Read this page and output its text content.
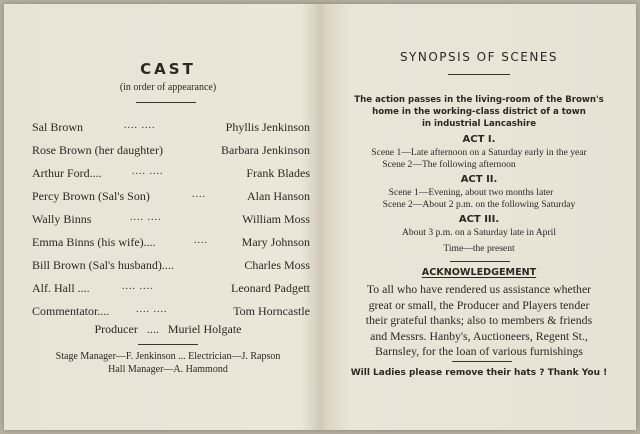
CAST
(in order of appearance)
Sal Brown	.... ....	Phyllis Jenkinson
Rose Brown (her daughter)	Barbara Jenkinson
Arthur Ford....	.... ....	Frank Blades
Percy Brown (Sal's Son)	....	Alan Hanson
Wally Binns	.... ....	William Moss
Emma Binns (his wife)....	....	Mary Johnson
Bill Brown (Sal's husband)....	Charles Moss
Alf. Hall ....	.... ....	Leonard Padgett
Commentator....	.... ....	Tom Horncastle
Producer .... Muriel Holgate
Stage Manager—F. Jenkinson ... Electrician—J. Rapson
Hall Manager—A. Hammond
SYNOPSIS OF SCENES
The action passes in the living-room of the Brown's
home in the working-class district of a town
in industrial Lancashire
ACT I.
Scene 1—Late afternoon on a Saturday early in the year
Scene 2—The following afternoon
ACT II.
Scene 1—Evening, about two months later
Scene 2—About 2 p.m. on the following Saturday
ACT III.
About 3 p.m. on a Saturday late in April
Time—the present
ACKNOWLEDGEMENT
To all who have rendered us assistance whether
great or small, the Producer and Players tender
their grateful thanks; also to members & friends
and Messrs. Hanby's, Auctioneers, Regent St.,
Barnsley, for the loan of various furnishings
Will Ladies please remove their hats ? Thank You !
